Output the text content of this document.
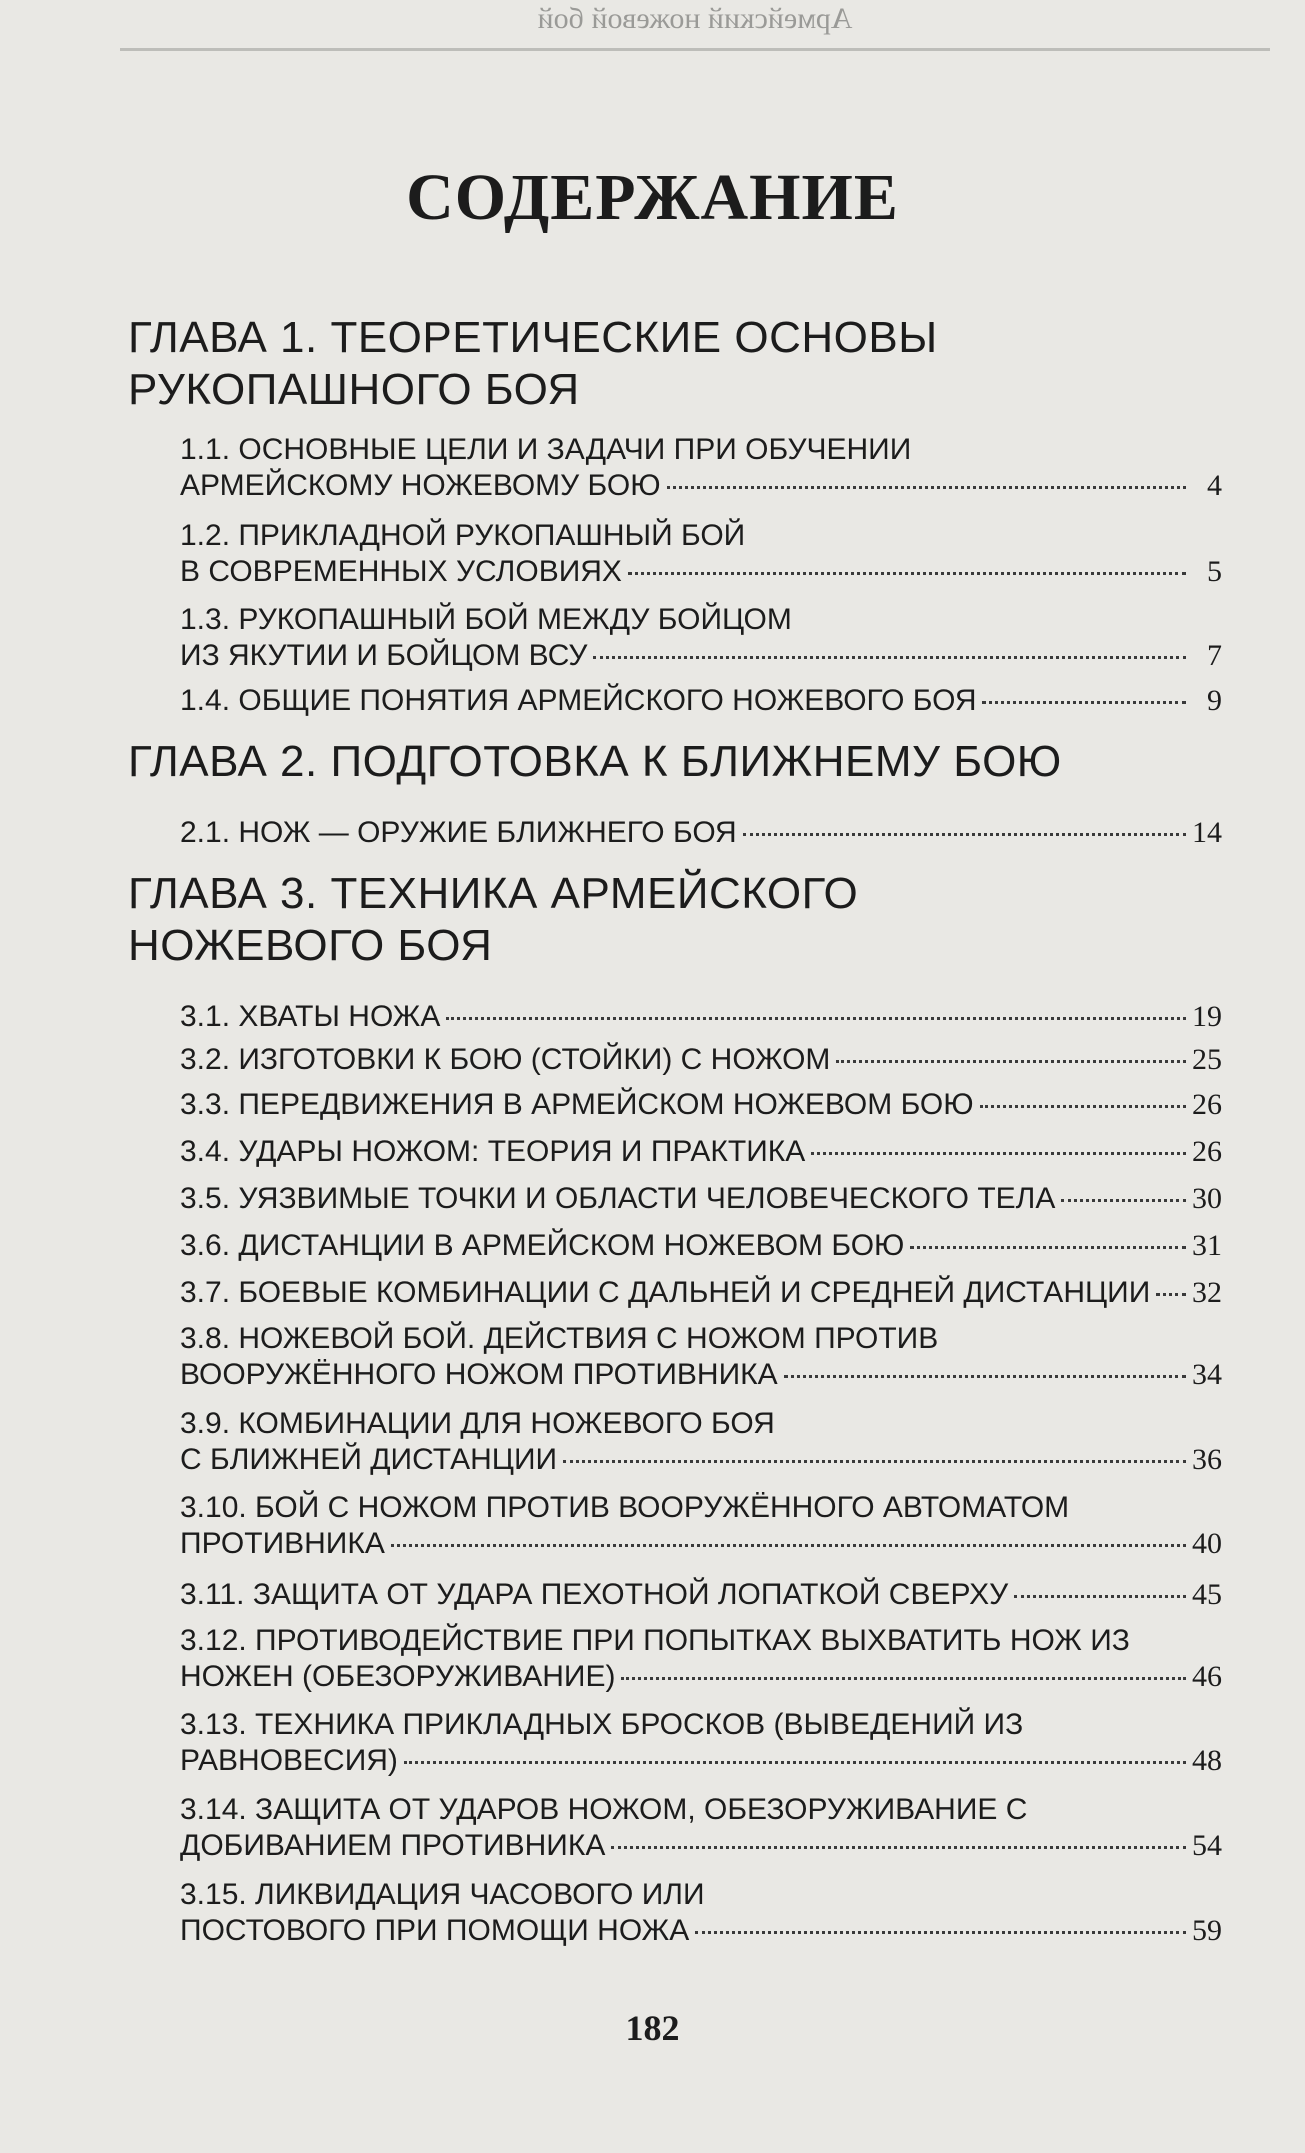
Армейский ножевой бой
СОДЕРЖАНИЕ
ГЛАВА 1. ТЕОРЕТИЧЕСКИЕ ОСНОВЫ
РУКОПАШНОГО БОЯ
1.1. ОСНОВНЫЕ ЦЕЛИ И ЗАДАЧИ ПРИ ОБУЧЕНИИ
АРМЕЙСКОМУ НОЖЕВОМУ БОЮ	4
1.2. ПРИКЛАДНОЙ РУКОПАШНЫЙ БОЙ
В СОВРЕМЕННЫХ УСЛОВИЯХ	5
1.3. РУКОПАШНЫЙ БОЙ МЕЖДУ БОЙЦОМ
ИЗ ЯКУТИИ И БОЙЦОМ ВСУ	7
1.4. ОБЩИЕ ПОНЯТИЯ АРМЕЙСКОГО НОЖЕВОГО БОЯ	9
ГЛАВА 2. ПОДГОТОВКА К БЛИЖНЕМУ БОЮ
2.1. НОЖ — ОРУЖИЕ БЛИЖНЕГО БОЯ	14
ГЛАВА 3. ТЕХНИКА АРМЕЙСКОГО
НОЖЕВОГО БОЯ
3.1. ХВАТЫ НОЖА	19
3.2. ИЗГОТОВКИ К БОЮ (СТОЙКИ) С НОЖОМ	25
3.3. ПЕРЕДВИЖЕНИЯ В АРМЕЙСКОМ НОЖЕВОМ БОЮ	26
3.4. УДАРЫ НОЖОМ: ТЕОРИЯ И ПРАКТИКА	26
3.5. УЯЗВИМЫЕ ТОЧКИ И ОБЛАСТИ ЧЕЛОВЕЧЕСКОГО ТЕЛА	30
3.6. ДИСТАНЦИИ В АРМЕЙСКОМ НОЖЕВОМ БОЮ	31
3.7. БОЕВЫЕ КОМБИНАЦИИ С ДАЛЬНЕЙ И СРЕДНЕЙ ДИСТАНЦИИ 32
3.8. НОЖЕВОЙ БОЙ. ДЕЙСТВИЯ С НОЖОМ ПРОТИВ
ВООРУЖЁННОГО НОЖОМ ПРОТИВНИКА	34
3.9. КОМБИНАЦИИ ДЛЯ НОЖЕВОГО БОЯ
С БЛИЖНЕЙ ДИСТАНЦИИ	36
3.10. БОЙ С НОЖОМ ПРОТИВ ВООРУЖЁННОГО АВТОМАТОМ
ПРОТИВНИКА	40
3.11. ЗАЩИТА ОТ УДАРА ПЕХОТНОЙ ЛОПАТКОЙ СВЕРХУ	45
3.12. ПРОТИВОДЕЙСТВИЕ ПРИ ПОПЫТКАХ ВЫХВАТИТЬ НОЖ ИЗ
НОЖЕН (ОБЕЗОРУЖИВАНИЕ)	46
3.13. ТЕХНИКА ПРИКЛАДНЫХ БРОСКОВ (ВЫВЕДЕНИЙ ИЗ
РАВНОВЕСИЯ)	48
3.14. ЗАЩИТА ОТ УДАРОВ НОЖОМ, ОБЕЗОРУЖИВАНИЕ С
ДОБИВАНИЕМ ПРОТИВНИКА	54
3.15. ЛИКВИДАЦИЯ ЧАСОВОГО ИЛИ
ПОСТОВОГО ПРИ ПОМОЩИ НОЖА	59
182
